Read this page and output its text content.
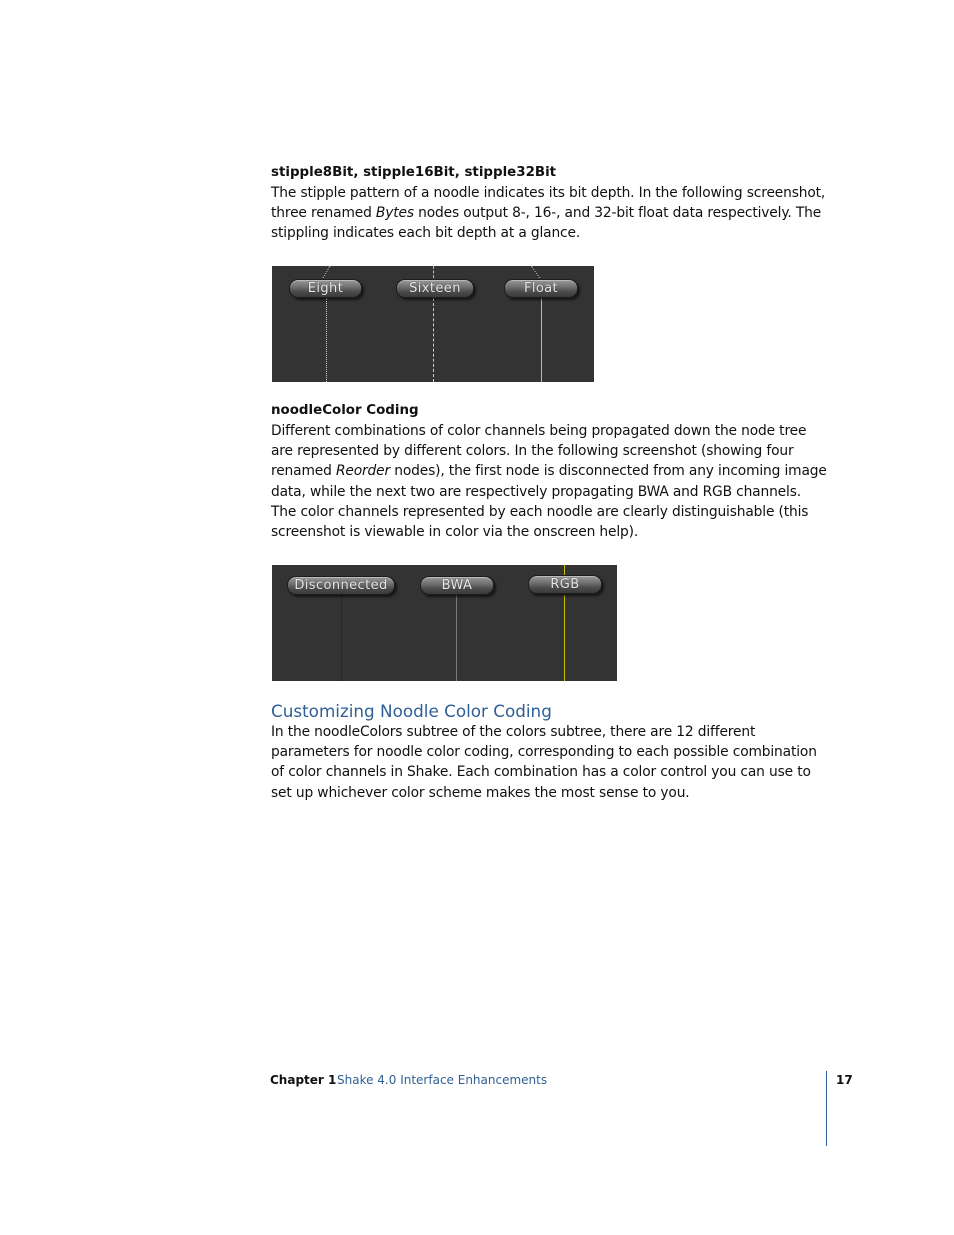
stipple8Bit, stipple16Bit, stipple32Bit

The stipple pattern of a noodle indicates its bit depth. In the following screenshot, three renamed Bytes nodes output 8-, 16-, and 32-bit float data respectively. The stippling indicates each bit depth at a glance.

Eight	Sixteen	Float

noodleColor Coding

Different combinations of color channels being propagated down the node tree are represented by different colors. In the following screenshot (showing four renamed Reorder nodes), the first node is disconnected from any incoming image data, while the next two are respectively propagating BWA and RGB channels. The color channels represented by each noodle are clearly distinguishable (this screenshot is viewable in color via the onscreen help).

Disconnected	BWA	RGB

Customizing Noodle Color Coding

In the noodleColors subtree of the colors subtree, there are 12 different parameters for noodle color coding, corresponding to each possible combination of color channels in Shake. Each combination has a color control you can use to set up whichever color scheme makes the most sense to you.

Chapter 1 Shake 4.0 Interface Enhancements	17
